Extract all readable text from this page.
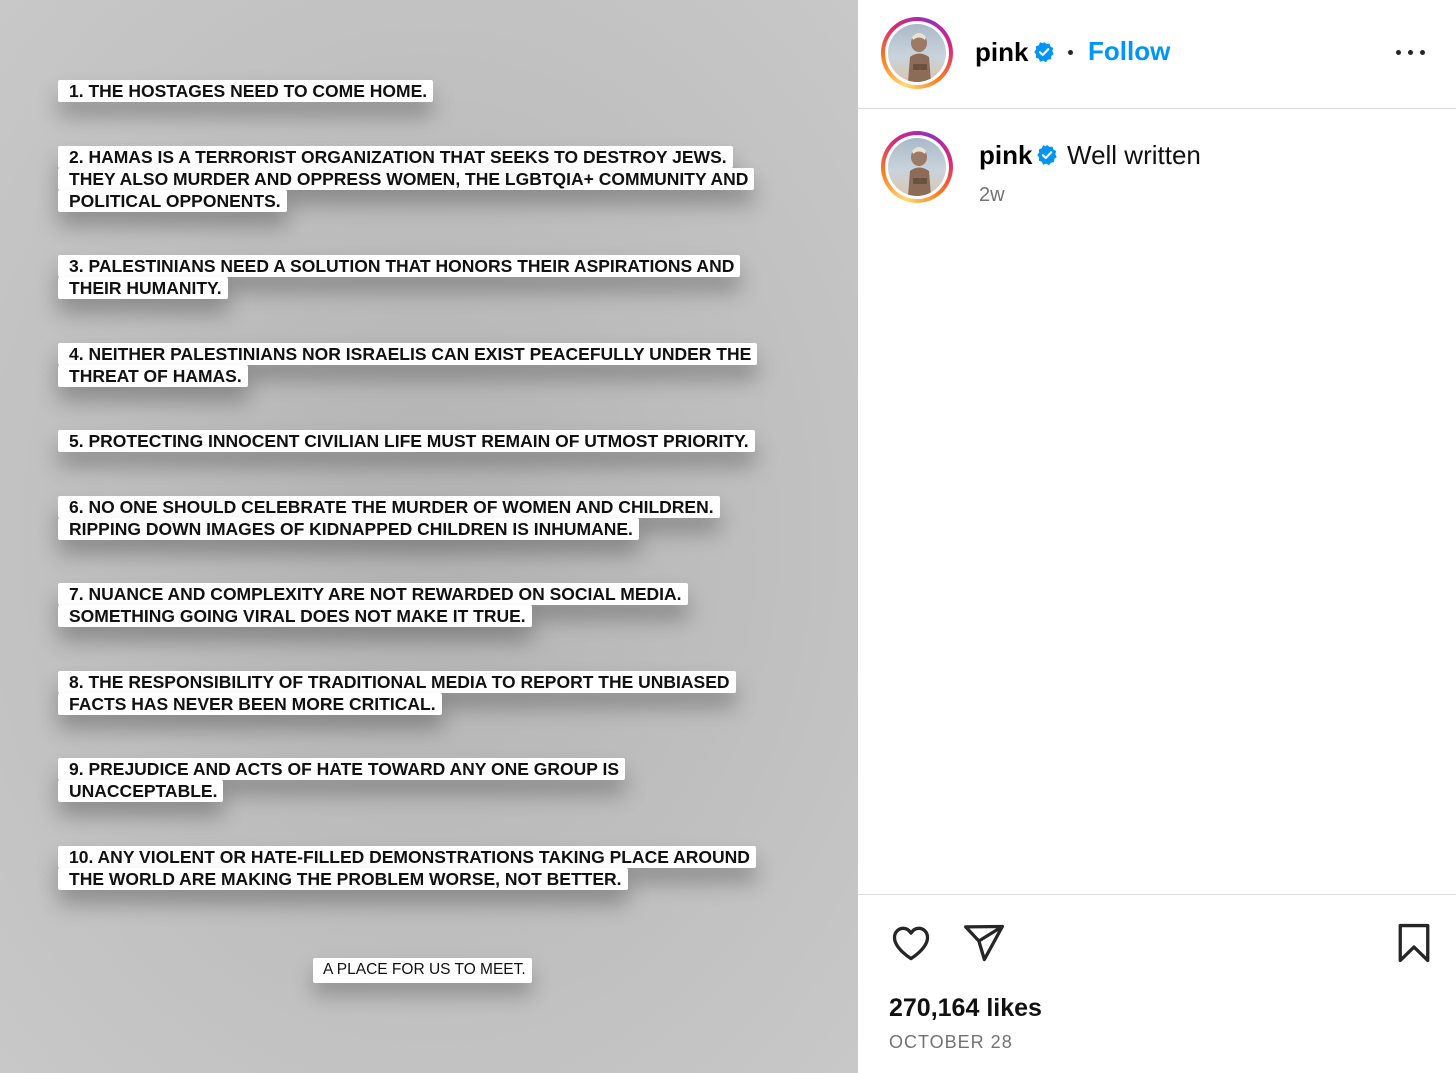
1. THE HOSTAGES NEED TO COME HOME.
2. HAMAS IS A TERRORIST ORGANIZATION THAT SEEKS TO DESTROY JEWS.
THEY ALSO MURDER AND OPPRESS WOMEN, THE LGBTQIA+ COMMUNITY AND
POLITICAL OPPONENTS.
3. PALESTINIANS NEED A SOLUTION THAT HONORS THEIR ASPIRATIONS AND
THEIR HUMANITY.
4. NEITHER PALESTINIANS NOR ISRAELIS CAN EXIST PEACEFULLY UNDER THE
THREAT OF HAMAS.
5. PROTECTING INNOCENT CIVILIAN LIFE MUST REMAIN OF UTMOST PRIORITY.
6. NO ONE SHOULD CELEBRATE THE MURDER OF WOMEN AND CHILDREN.
RIPPING DOWN IMAGES OF KIDNAPPED CHILDREN IS INHUMANE.
7. NUANCE AND COMPLEXITY ARE NOT REWARDED ON SOCIAL MEDIA.
SOMETHING GOING VIRAL DOES NOT MAKE IT TRUE.
8. THE RESPONSIBILITY OF TRADITIONAL MEDIA TO REPORT THE UNBIASED
FACTS HAS NEVER BEEN MORE CRITICAL.
9. PREJUDICE AND ACTS OF HATE TOWARD ANY ONE GROUP IS
UNACCEPTABLE.
10. ANY VIOLENT OR HATE-FILLED DEMONSTRATIONS TAKING PLACE AROUND
THE WORLD ARE MAKING THE PROBLEM WORSE, NOT BETTER.
A PLACE FOR US TO MEET.
pink Follow
pink Well written
2w
270,164 likes
OCTOBER 28
